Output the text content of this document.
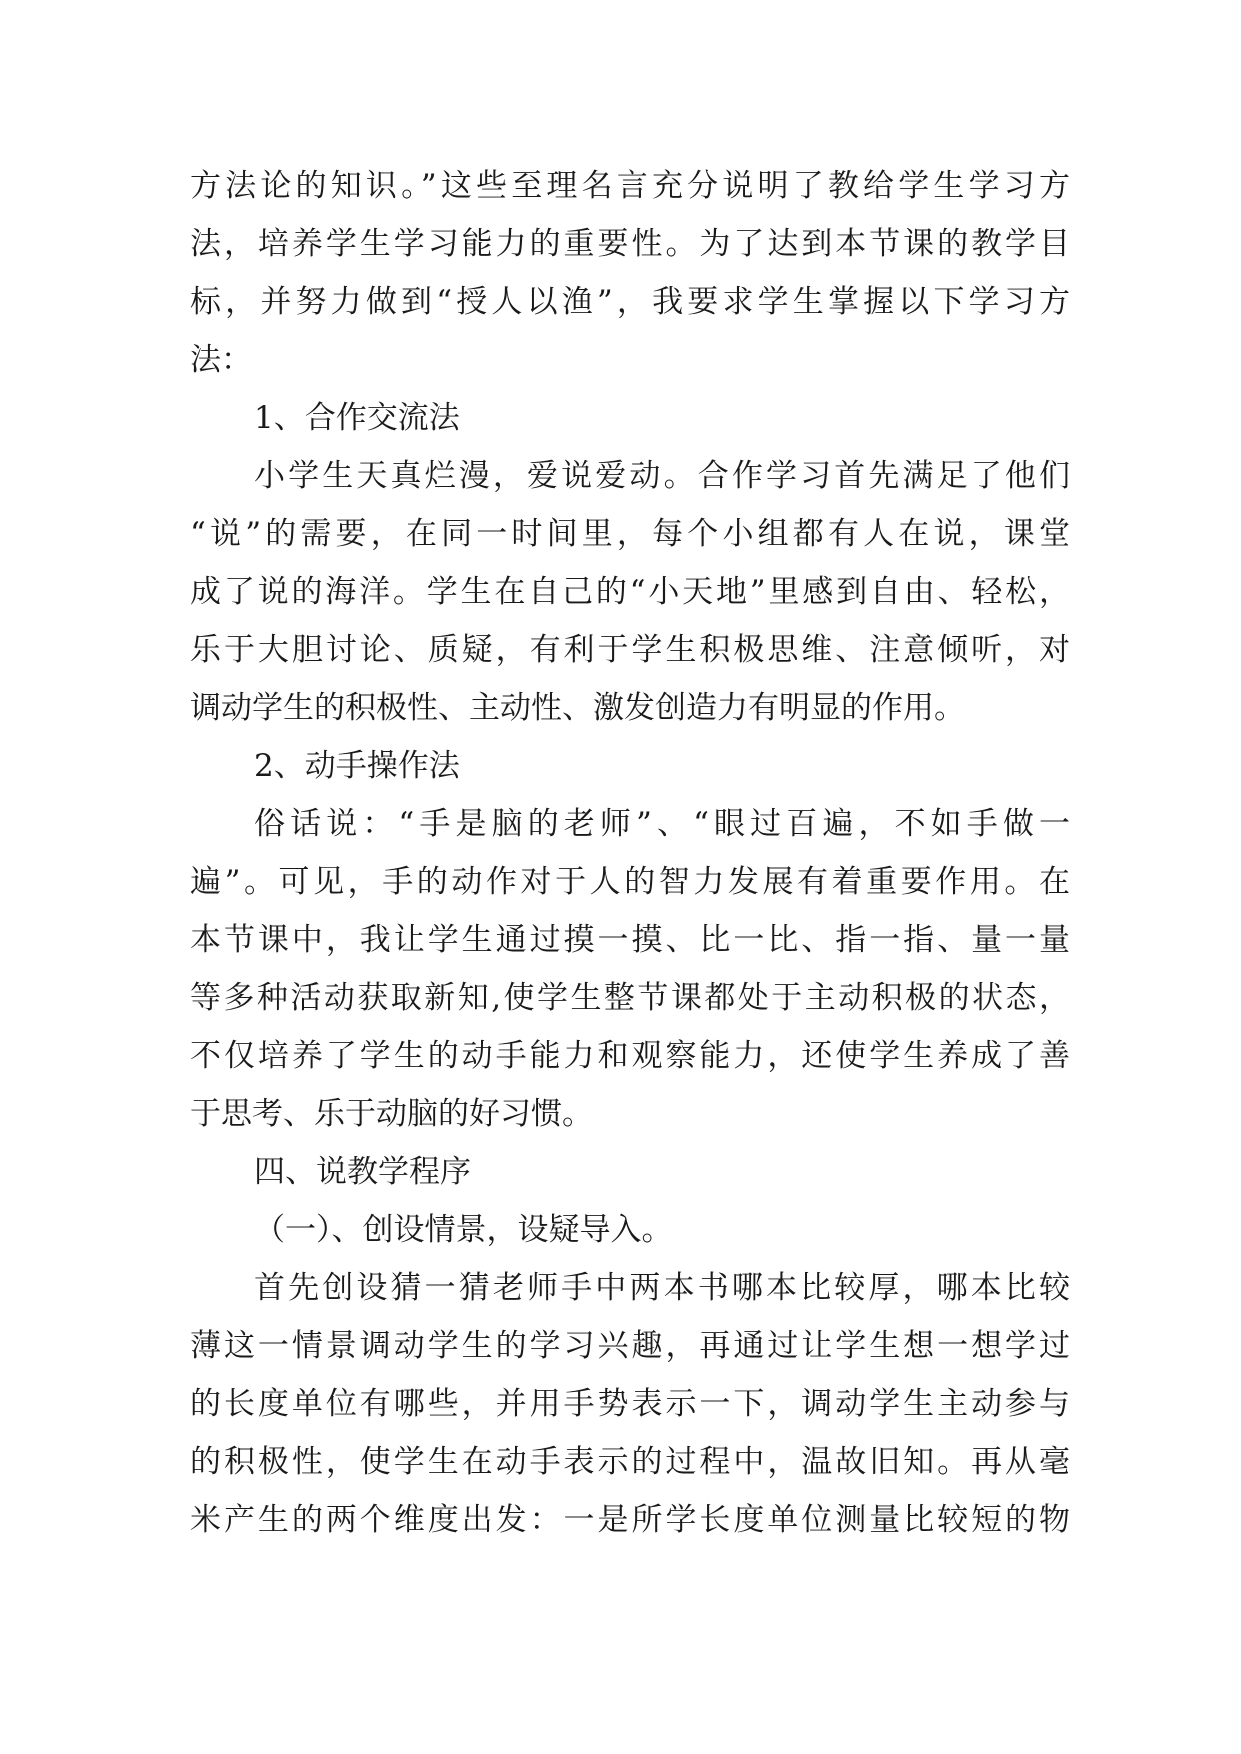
方法论的知识。”这些至理名言充分说明了教给学生学习方
法，培养学生学习能力的重要性。为了达到本节课的教学目
标，并努力做到“授人以渔”，我要求学生掌握以下学习方
法：
1、合作交流法
小学生天真烂漫，爱说爱动。合作学习首先满足了他们
“说”的需要，在同一时间里，每个小组都有人在说，课堂
成了说的海洋。学生在自己的“小天地”里感到自由、轻松，
乐于大胆讨论、质疑，有利于学生积极思维、注意倾听，对
调动学生的积极性、主动性、激发创造力有明显的作用。
2、动手操作法
俗话说：“手是脑的老师”、“眼过百遍，不如手做一
遍”。可见，手的动作对于人的智力发展有着重要作用。在
本节课中，我让学生通过摸一摸、比一比、指一指、量一量
等多种活动获取新知,使学生整节课都处于主动积极的状态，
不仅培养了学生的动手能力和观察能力，还使学生养成了善
于思考、乐于动脑的好习惯。
四、说教学程序
（一）、创设情景，设疑导入。
首先创设猜一猜老师手中两本书哪本比较厚，哪本比较
薄这一情景调动学生的学习兴趣，再通过让学生想一想学过
的长度单位有哪些，并用手势表示一下，调动学生主动参与
的积极性，使学生在动手表示的过程中，温故旧知。再从毫
米产生的两个维度出发：一是所学长度单位测量比较短的物
